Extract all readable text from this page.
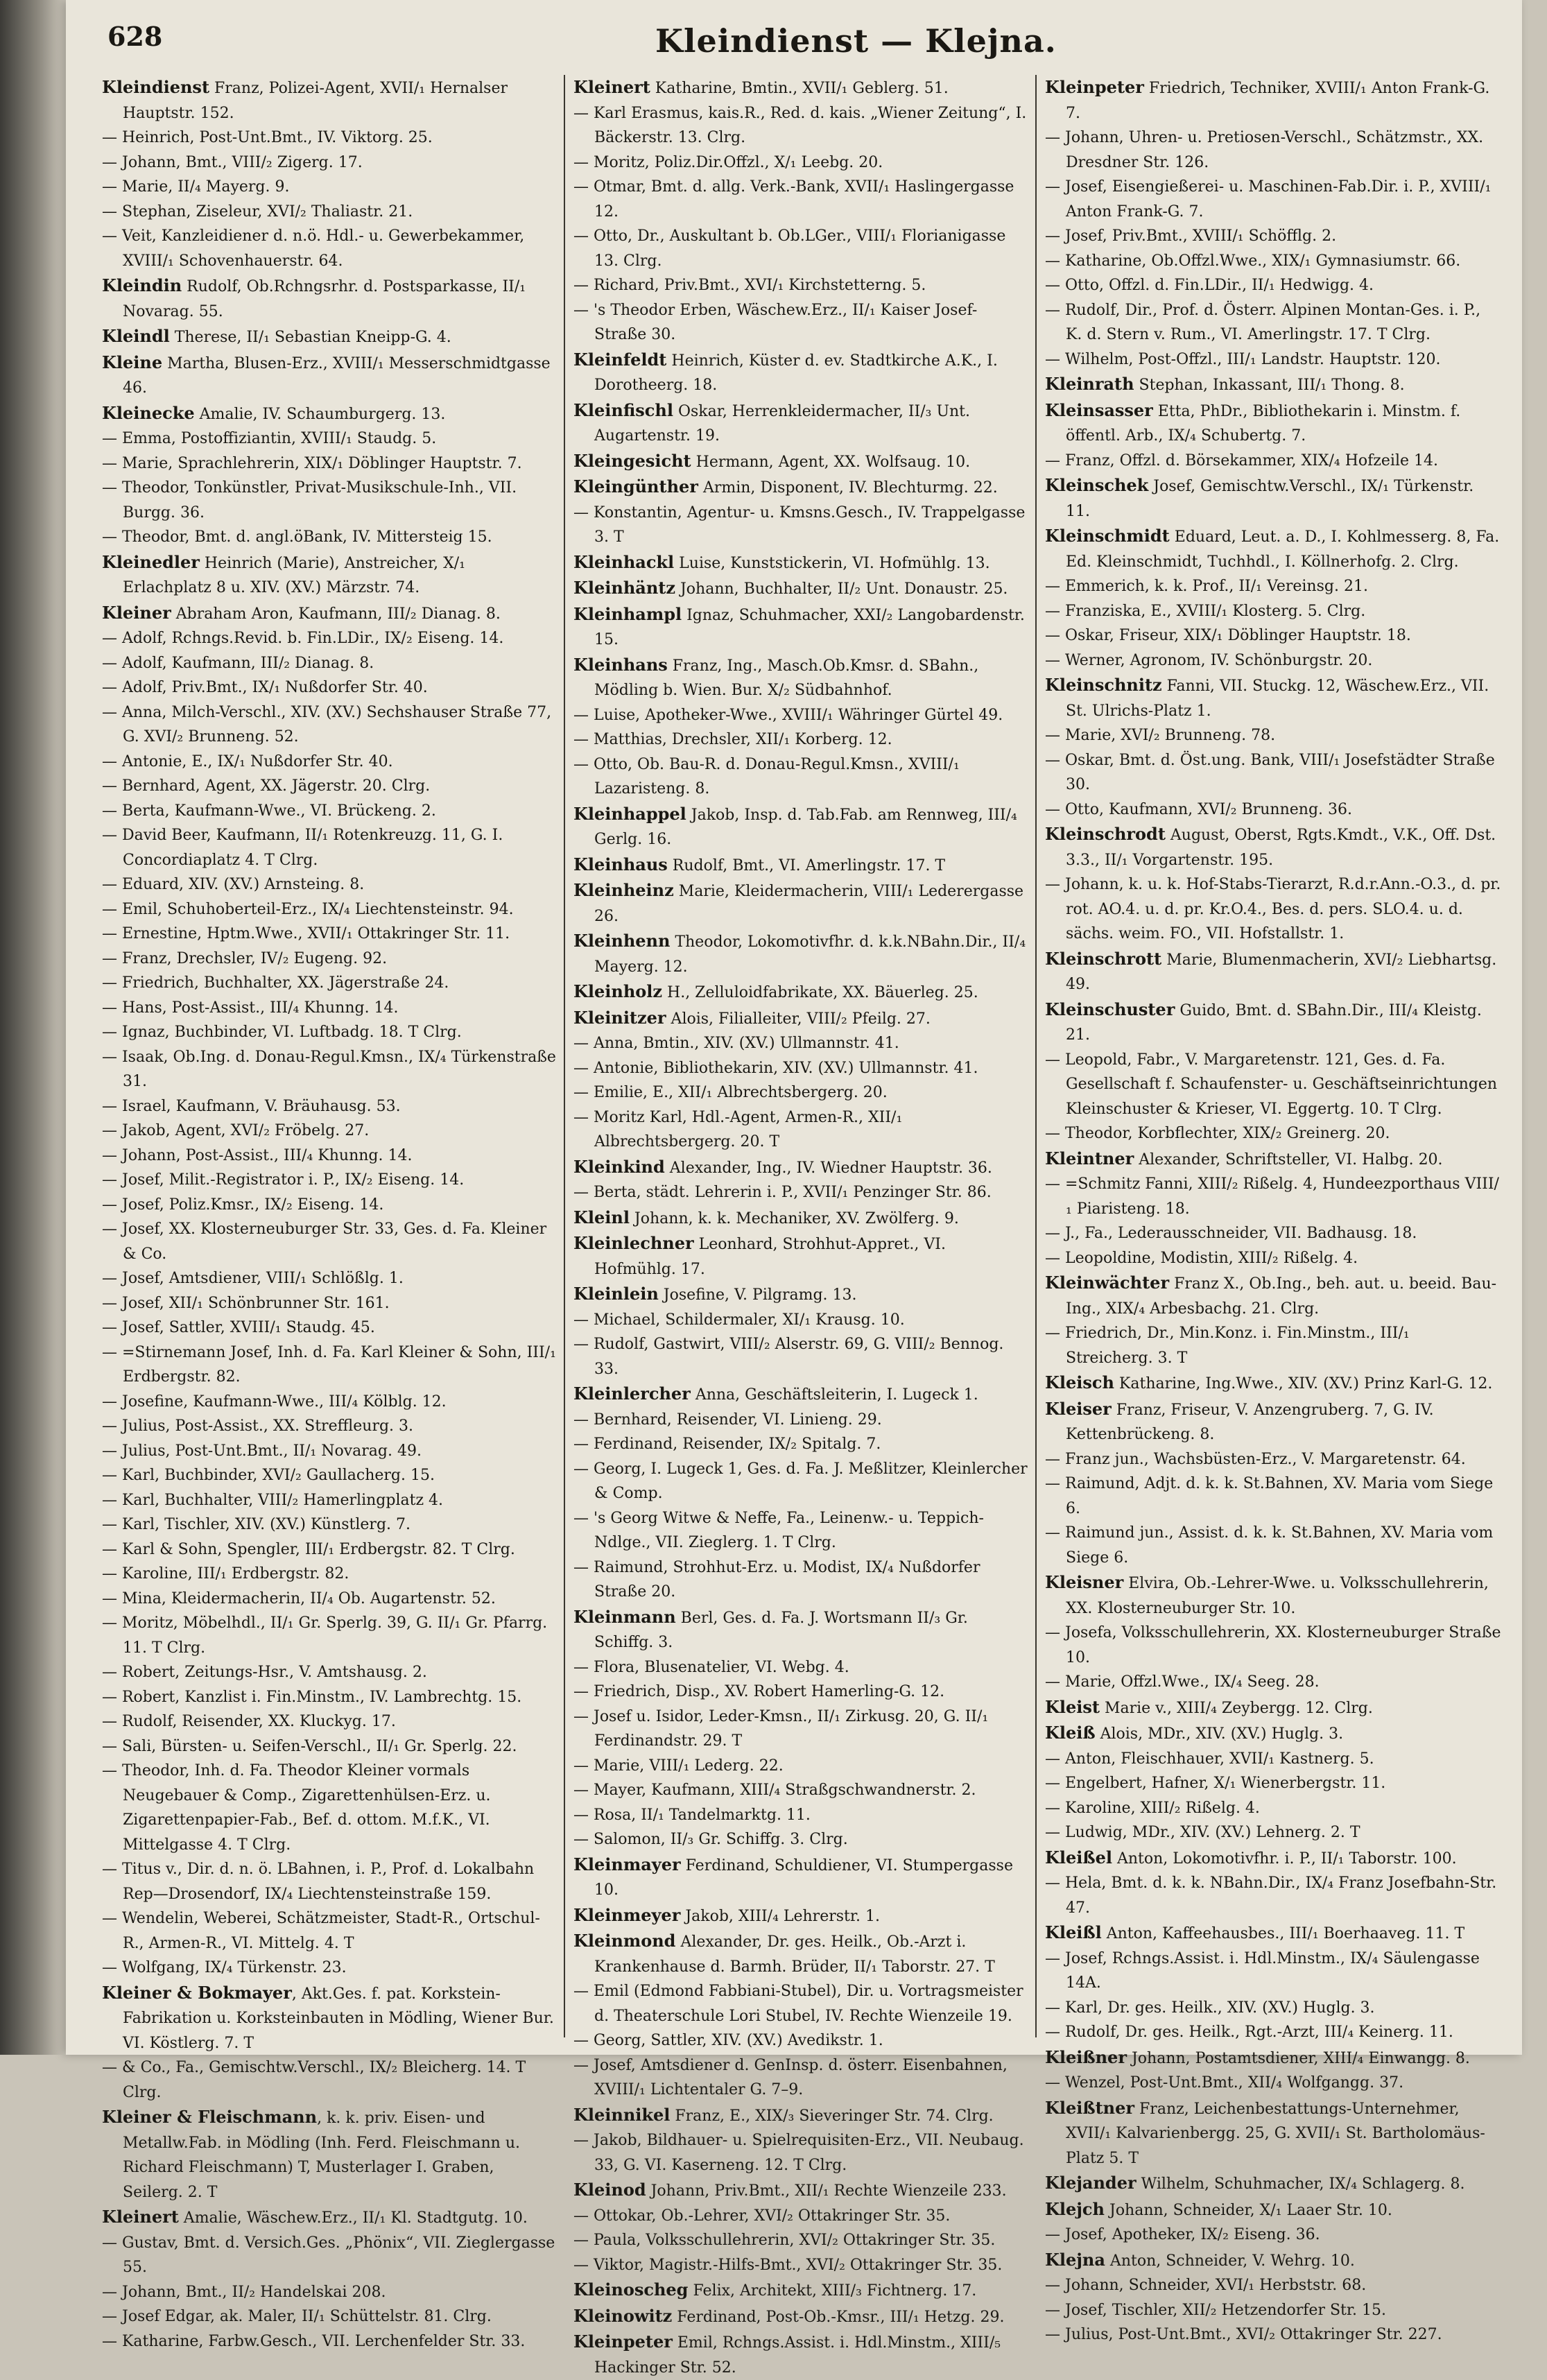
628	Kleindienst — Klejna.

Kleindienst Franz, Polizei-Agent, XVII/₁ Hernalser Hauptstr. 152.

— Heinrich, Post-Unt.Bmt., IV. Viktorg. 25.

— Johann, Bmt., VIII/₂ Zigerg. 17.

— Marie, II/₄ Mayerg. 9.

— Stephan, Ziseleur, XVI/₂ Thaliastr. 21.

— Veit, Kanzleidiener d. n.ö. Hdl.- u. Gewerbekammer, XVIII/₁ Schovenhauerstr. 64.

Kleindin Rudolf, Ob.Rchngsrhr. d. Postsparkasse, II/₁ Novarag. 55.

Kleindl Therese, II/₁ Sebastian Kneipp-G. 4.

Kleine Martha, Blusen-Erz., XVIII/₁ Messerschmidtgasse 46.

Kleinecke Amalie, IV. Schaumburgerg. 13.

— Emma, Postoffiziantin, XVIII/₁ Staudg. 5.

— Marie, Sprachlehrerin, XIX/₁ Döblinger Hauptstr. 7.

— Theodor, Tonkünstler, Privat-Musikschule-Inh., VII. Burgg. 36.

— Theodor, Bmt. d. angl.öBank, IV. Mittersteig 15.

Kleinedler Heinrich (Marie), Anstreicher, X/₁ Erlachplatz 8 u. XIV. (XV.) Märzstr. 74.

Kleiner Abraham Aron, Kaufmann, III/₂ Dianag. 8.

— Adolf, Rchngs.Revid. b. Fin.LDir., IX/₂ Eiseng. 14.

— Adolf, Kaufmann, III/₂ Dianag. 8.

— Adolf, Priv.Bmt., IX/₁ Nußdorfer Str. 40.

— Anna, Milch-Verschl., XIV. (XV.) Sechshauser Straße 77, G. XVI/₂ Brunneng. 52.

— Antonie, E., IX/₁ Nußdorfer Str. 40.

— Bernhard, Agent, XX. Jägerstr. 20. Clrg.

— Berta, Kaufmann-Wwe., VI. Brückeng. 2.

— David Beer, Kaufmann, II/₁ Rotenkreuzg. 11, G. I. Concordiaplatz 4. T Clrg.

— Eduard, XIV. (XV.) Arnsteing. 8.

— Emil, Schuhoberteil-Erz., IX/₄ Liechtensteinstr. 94.

— Ernestine, Hptm.Wwe., XVII/₁ Ottakringer Str. 11.

— Franz, Drechsler, IV/₂ Eugeng. 92.

— Friedrich, Buchhalter, XX. Jägerstraße 24.

— Hans, Post-Assist., III/₄ Khunng. 14.

— Ignaz, Buchbinder, VI. Luftbadg. 18. T Clrg.

— Isaak, Ob.Ing. d. Donau-Regul.Kmsn., IX/₄ Türkenstraße 31.

— Israel, Kaufmann, V. Bräuhausg. 53.

— Jakob, Agent, XVI/₂ Fröbelg. 27.

— Johann, Post-Assist., III/₄ Khunng. 14.

— Josef, Milit.-Registrator i. P., IX/₂ Eiseng. 14.

— Josef, Poliz.Kmsr., IX/₂ Eiseng. 14.

— Josef, XX. Klosterneuburger Str. 33, Ges. d. Fa. Kleiner & Co.

— Josef, Amtsdiener, VIII/₁ Schlößlg. 1.

— Josef, XII/₁ Schönbrunner Str. 161.

— Josef, Sattler, XVIII/₁ Staudg. 45.

— =Stirnemann Josef, Inh. d. Fa. Karl Kleiner & Sohn, III/₁ Erdbergstr. 82.

— Josefine, Kaufmann-Wwe., III/₄ Kölblg. 12.

— Julius, Post-Assist., XX. Streffleurg. 3.

— Julius, Post-Unt.Bmt., II/₁ Novarag. 49.

— Karl, Buchbinder, XVI/₂ Gaullacherg. 15.

— Karl, Buchhalter, VIII/₂ Hamerlingplatz 4.

— Karl, Tischler, XIV. (XV.) Künstlerg. 7.

— Karl & Sohn, Spengler, III/₁ Erdbergstr. 82. T Clrg.

— Karoline, III/₁ Erdbergstr. 82.

— Mina, Kleidermacherin, II/₄ Ob. Augartenstr. 52.

— Moritz, Möbelhdl., II/₁ Gr. Sperlg. 39, G. II/₁ Gr. Pfarrg. 11. T Clrg.

— Robert, Zeitungs-Hsr., V. Amtshausg. 2.

— Robert, Kanzlist i. Fin.Minstm., IV. Lambrechtg. 15.

— Rudolf, Reisender, XX. Kluckyg. 17.

— Sali, Bürsten- u. Seifen-Verschl., II/₁ Gr. Sperlg. 22.

— Theodor, Inh. d. Fa. Theodor Kleiner vormals Neugebauer & Comp., Zigarettenhülsen-Erz. u. Zigarettenpapier-Fab., Bef. d. ottom. M.f.K., VI. Mittelgasse 4. T Clrg.

— Titus v., Dir. d. n. ö. LBahnen, i. P., Prof. d. Lokalbahn Rep—Drosendorf, IX/₄ Liechtensteinstraße 159.

— Wendelin, Weberei, Schätzmeister, Stadt-R., Ortschul-R., Armen-R., VI. Mittelg. 4. T

— Wolfgang, IX/₄ Türkenstr. 23.

Kleiner & Bokmayer, Akt.Ges. f. pat. Korkstein-Fabrikation u. Korksteinbauten in Mödling, Wiener Bur. VI. Köstlerg. 7. T

— & Co., Fa., Gemischtw.Verschl., IX/₂ Bleicherg. 14. T Clrg.

Kleiner & Fleischmann, k. k. priv. Eisen- und Metallw.Fab. in Mödling (Inh. Ferd. Fleischmann u. Richard Fleischmann) T, Musterlager I. Graben, Seilerg. 2. T

Kleinert Amalie, Wäschew.Erz., II/₁ Kl. Stadtgutg. 10.

— Gustav, Bmt. d. Versich.Ges. „Phönix“, VII. Zieglergasse 55.

— Johann, Bmt., II/₂ Handelskai 208.

— Josef Edgar, ak. Maler, II/₁ Schüttelstr. 81. Clrg.

— Katharine, Farbw.Gesch., VII. Lerchenfelder Str. 33.

Kleinert Katharine, Bmtin., XVII/₁ Geblerg. 51.

— Karl Erasmus, kais.R., Red. d. kais. „Wiener Zeitung“, I. Bäckerstr. 13. Clrg.

— Moritz, Poliz.Dir.Offzl., X/₁ Leebg. 20.

— Otmar, Bmt. d. allg. Verk.-Bank, XVII/₁ Haslingergasse 12.

— Otto, Dr., Auskultant b. Ob.LGer., VIII/₁ Florianigasse 13. Clrg.

— Richard, Priv.Bmt., XVI/₁ Kirchstetterng. 5.

— 's Theodor Erben, Wäschew.Erz., II/₁ Kaiser Josef-Straße 30.

Kleinfeldt Heinrich, Küster d. ev. Stadtkirche A.K., I. Dorotheerg. 18.

Kleinfischl Oskar, Herrenkleidermacher, II/₃ Unt. Augartenstr. 19.

Kleingesicht Hermann, Agent, XX. Wolfsaug. 10.

Kleingünther Armin, Disponent, IV. Blechturmg. 22.

— Konstantin, Agentur- u. Kmsns.Gesch., IV. Trappelgasse 3. T

Kleinhackl Luise, Kunststickerin, VI. Hofmühlg. 13.

Kleinhäntz Johann, Buchhalter, II/₂ Unt. Donaustr. 25.

Kleinhampl Ignaz, Schuhmacher, XXI/₂ Langobardenstr. 15.

Kleinhans Franz, Ing., Masch.Ob.Kmsr. d. SBahn., Mödling b. Wien. Bur. X/₂ Südbahnhof.

— Luise, Apotheker-Wwe., XVIII/₁ Währinger Gürtel 49.

— Matthias, Drechsler, XII/₁ Korberg. 12.

— Otto, Ob. Bau-R. d. Donau-Regul.Kmsn., XVIII/₁ Lazaristeng. 8.

Kleinhappel Jakob, Insp. d. Tab.Fab. am Rennweg, III/₄ Gerlg. 16.

Kleinhaus Rudolf, Bmt., VI. Amerlingstr. 17. T

Kleinheinz Marie, Kleidermacherin, VIII/₁ Lederergasse 26.

Kleinhenn Theodor, Lokomotivfhr. d. k.k.NBahn.Dir., II/₄ Mayerg. 12.

Kleinholz H., Zelluloidfabrikate, XX. Bäuerleg. 25.

Kleinitzer Alois, Filialleiter, VIII/₂ Pfeilg. 27.

— Anna, Bmtin., XIV. (XV.) Ullmannstr. 41.

— Antonie, Bibliothekarin, XIV. (XV.) Ullmannstr. 41.

— Emilie, E., XII/₁ Albrechtsbergerg. 20.

— Moritz Karl, Hdl.-Agent, Armen-R., XII/₁ Albrechtsbergerg. 20. T

Kleinkind Alexander, Ing., IV. Wiedner Hauptstr. 36.

— Berta, städt. Lehrerin i. P., XVII/₁ Penzinger Str. 86.

Kleinl Johann, k. k. Mechaniker, XV. Zwölferg. 9.

Kleinlechner Leonhard, Strohhut-Appret., VI. Hofmühlg. 17.

Kleinlein Josefine, V. Pilgramg. 13.

— Michael, Schildermaler, XI/₁ Krausg. 10.

— Rudolf, Gastwirt, VIII/₂ Alserstr. 69, G. VIII/₂ Bennog. 33.

Kleinlercher Anna, Geschäftsleiterin, I. Lugeck 1.

— Bernhard, Reisender, VI. Linieng. 29.

— Ferdinand, Reisender, IX/₂ Spitalg. 7.

— Georg, I. Lugeck 1, Ges. d. Fa. J. Meßlitzer, Kleinlercher & Comp.

— 's Georg Witwe & Neffe, Fa., Leinenw.- u. Teppich-Ndlge., VII. Zieglerg. 1. T Clrg.

— Raimund, Strohhut-Erz. u. Modist, IX/₄ Nußdorfer Straße 20.

Kleinmann Berl, Ges. d. Fa. J. Wortsmann II/₃ Gr. Schiffg. 3.

— Flora, Blusenatelier, VI. Webg. 4.

— Friedrich, Disp., XV. Robert Hamerling-G. 12.

— Josef u. Isidor, Leder-Kmsn., II/₁ Zirkusg. 20, G. II/₁ Ferdinandstr. 29. T

— Marie, VIII/₁ Lederg. 22.

— Mayer, Kaufmann, XIII/₄ Straßgschwandnerstr. 2.

— Rosa, II/₁ Tandelmarktg. 11.

— Salomon, II/₃ Gr. Schiffg. 3. Clrg.

Kleinmayer Ferdinand, Schuldiener, VI. Stumpergasse 10.

Kleinmeyer Jakob, XIII/₄ Lehrerstr. 1.

Kleinmond Alexander, Dr. ges. Heilk., Ob.-Arzt i. Krankenhause d. Barmh. Brüder, II/₁ Taborstr. 27. T

— Emil (Edmond Fabbiani-Stubel), Dir. u. Vortragsmeister d. Theaterschule Lori Stubel, IV. Rechte Wienzeile 19.

— Georg, Sattler, XIV. (XV.) Avedikstr. 1.

— Josef, Amtsdiener d. GenInsp. d. österr. Eisenbahnen, XVIII/₁ Lichtentaler G. 7–9.

Kleinnikel Franz, E., XIX/₃ Sieveringer Str. 74. Clrg.

— Jakob, Bildhauer- u. Spielrequisiten-Erz., VII. Neubaug. 33, G. VI. Kaserneng. 12. T Clrg.

Kleinod Johann, Priv.Bmt., XII/₁ Rechte Wienzeile 233.

— Ottokar, Ob.-Lehrer, XVI/₂ Ottakringer Str. 35.

— Paula, Volksschullehrerin, XVI/₂ Ottakringer Str. 35.

— Viktor, Magistr.-Hilfs-Bmt., XVI/₂ Ottakringer Str. 35.

Kleinoscheg Felix, Architekt, XIII/₃ Fichtnerg. 17.

Kleinowitz Ferdinand, Post-Ob.-Kmsr., III/₁ Hetzg. 29.

Kleinpeter Emil, Rchngs.Assist. i. Hdl.Minstm., XIII/₅ Hackinger Str. 52.

Kleinpeter Friedrich, Techniker, XVIII/₁ Anton Frank-G. 7.

— Johann, Uhren- u. Pretiosen-Verschl., Schätzmstr., XX. Dresdner Str. 126.

— Josef, Eisengießerei- u. Maschinen-Fab.Dir. i. P., XVIII/₁ Anton Frank-G. 7.

— Josef, Priv.Bmt., XVIII/₁ Schöfflg. 2.

— Katharine, Ob.Offzl.Wwe., XIX/₁ Gymnasiumstr. 66.

— Otto, Offzl. d. Fin.LDir., II/₁ Hedwigg. 4.

— Rudolf, Dir., Prof. d. Österr. Alpinen Montan-Ges. i. P., K. d. Stern v. Rum., VI. Amerlingstr. 17. T Clrg.

— Wilhelm, Post-Offzl., III/₁ Landstr. Hauptstr. 120.

Kleinrath Stephan, Inkassant, III/₁ Thong. 8.

Kleinsasser Etta, PhDr., Bibliothekarin i. Minstm. f. öffentl. Arb., IX/₄ Schubertg. 7.

— Franz, Offzl. d. Börsekammer, XIX/₄ Hofzeile 14.

Kleinschek Josef, Gemischtw.Verschl., IX/₁ Türkenstr. 11.

Kleinschmidt Eduard, Leut. a. D., I. Kohlmesserg. 8, Fa. Ed. Kleinschmidt, Tuchhdl., I. Köllnerhofg. 2. Clrg.

— Emmerich, k. k. Prof., II/₁ Vereinsg. 21.

— Franziska, E., XVIII/₁ Klosterg. 5. Clrg.

— Oskar, Friseur, XIX/₁ Döblinger Hauptstr. 18.

— Werner, Agronom, IV. Schönburgstr. 20.

Kleinschnitz Fanni, VII. Stuckg. 12, Wäschew.Erz., VII. St. Ulrichs-Platz 1.

— Marie, XVI/₂ Brunneng. 78.

— Oskar, Bmt. d. Öst.ung. Bank, VIII/₁ Josefstädter Straße 30.

— Otto, Kaufmann, XVI/₂ Brunneng. 36.

Kleinschrodt August, Oberst, Rgts.Kmdt., V.K., Off. Dst. 3.3., II/₁ Vorgartenstr. 195.

— Johann, k. u. k. Hof-Stabs-Tierarzt, R.d.r.Ann.-O.3., d. pr. rot. AO.4. u. d. pr. Kr.O.4., Bes. d. pers. SLO.4. u. d. sächs. weim. FO., VII. Hofstallstr. 1.

Kleinschrott Marie, Blumenmacherin, XVI/₂ Liebhartsg. 49.

Kleinschuster Guido, Bmt. d. SBahn.Dir., III/₄ Kleistg. 21.

— Leopold, Fabr., V. Margaretenstr. 121, Ges. d. Fa. Gesellschaft f. Schaufenster- u. Geschäftseinrichtungen Kleinschuster & Krieser, VI. Eggertg. 10. T Clrg.

— Theodor, Korbflechter, XIX/₂ Greinerg. 20.

Kleintner Alexander, Schriftsteller, VI. Halbg. 20.

— =Schmitz Fanni, XIII/₂ Rißelg. 4, Hundeezporthaus VIII/₁ Piaristeng. 18.

— J., Fa., Lederausschneider, VII. Badhausg. 18.

— Leopoldine, Modistin, XIII/₂ Rißelg. 4.

Kleinwächter Franz X., Ob.Ing., beh. aut. u. beeid. Bau-Ing., XIX/₄ Arbesbachg. 21. Clrg.

— Friedrich, Dr., Min.Konz. i. Fin.Minstm., III/₁ Streicherg. 3. T

Kleisch Katharine, Ing.Wwe., XIV. (XV.) Prinz Karl-G. 12.

Kleiser Franz, Friseur, V. Anzengruberg. 7, G. IV. Kettenbrückeng. 8.

— Franz jun., Wachsbüsten-Erz., V. Margaretenstr. 64.

— Raimund, Adjt. d. k. k. St.Bahnen, XV. Maria vom Siege 6.

— Raimund jun., Assist. d. k. k. St.Bahnen, XV. Maria vom Siege 6.

Kleisner Elvira, Ob.-Lehrer-Wwe. u. Volksschullehrerin, XX. Klosterneuburger Str. 10.

— Josefa, Volksschullehrerin, XX. Klosterneuburger Straße 10.

— Marie, Offzl.Wwe., IX/₄ Seeg. 28.

Kleist Marie v., XIII/₄ Zeybergg. 12. Clrg.

Kleiß Alois, MDr., XIV. (XV.) Huglg. 3.

— Anton, Fleischhauer, XVII/₁ Kastnerg. 5.

— Engelbert, Hafner, X/₁ Wienerbergstr. 11.

— Karoline, XIII/₂ Rißelg. 4.

— Ludwig, MDr., XIV. (XV.) Lehnerg. 2. T

Kleißel Anton, Lokomotivfhr. i. P., II/₁ Taborstr. 100.

— Hela, Bmt. d. k. k. NBahn.Dir., IX/₄ Franz Josefbahn-Str. 47.

Kleißl Anton, Kaffeehausbes., III/₁ Boerhaaveg. 11. T

— Josef, Rchngs.Assist. i. Hdl.Minstm., IX/₄ Säulengasse 14A.

— Karl, Dr. ges. Heilk., XIV. (XV.) Huglg. 3.

— Rudolf, Dr. ges. Heilk., Rgt.-Arzt, III/₄ Keinerg. 11.

Kleißner Johann, Postamtsdiener, XIII/₄ Einwangg. 8.

— Wenzel, Post-Unt.Bmt., XII/₄ Wolfgangg. 37.

Kleißtner Franz, Leichenbestattungs-Unternehmer, XVII/₁ Kalvarienbergg. 25, G. XVII/₁ St. Bartholomäus-Platz 5. T

Klejander Wilhelm, Schuhmacher, IX/₄ Schlagerg. 8.

Klejch Johann, Schneider, X/₁ Laaer Str. 10.

— Josef, Apotheker, IX/₂ Eiseng. 36.

Klejna Anton, Schneider, V. Wehrg. 10.

— Johann, Schneider, XVI/₁ Herbststr. 68.

— Josef, Tischler, XII/₂ Hetzendorfer Str. 15.

— Julius, Post-Unt.Bmt., XVI/₂ Ottakringer Str. 227.
